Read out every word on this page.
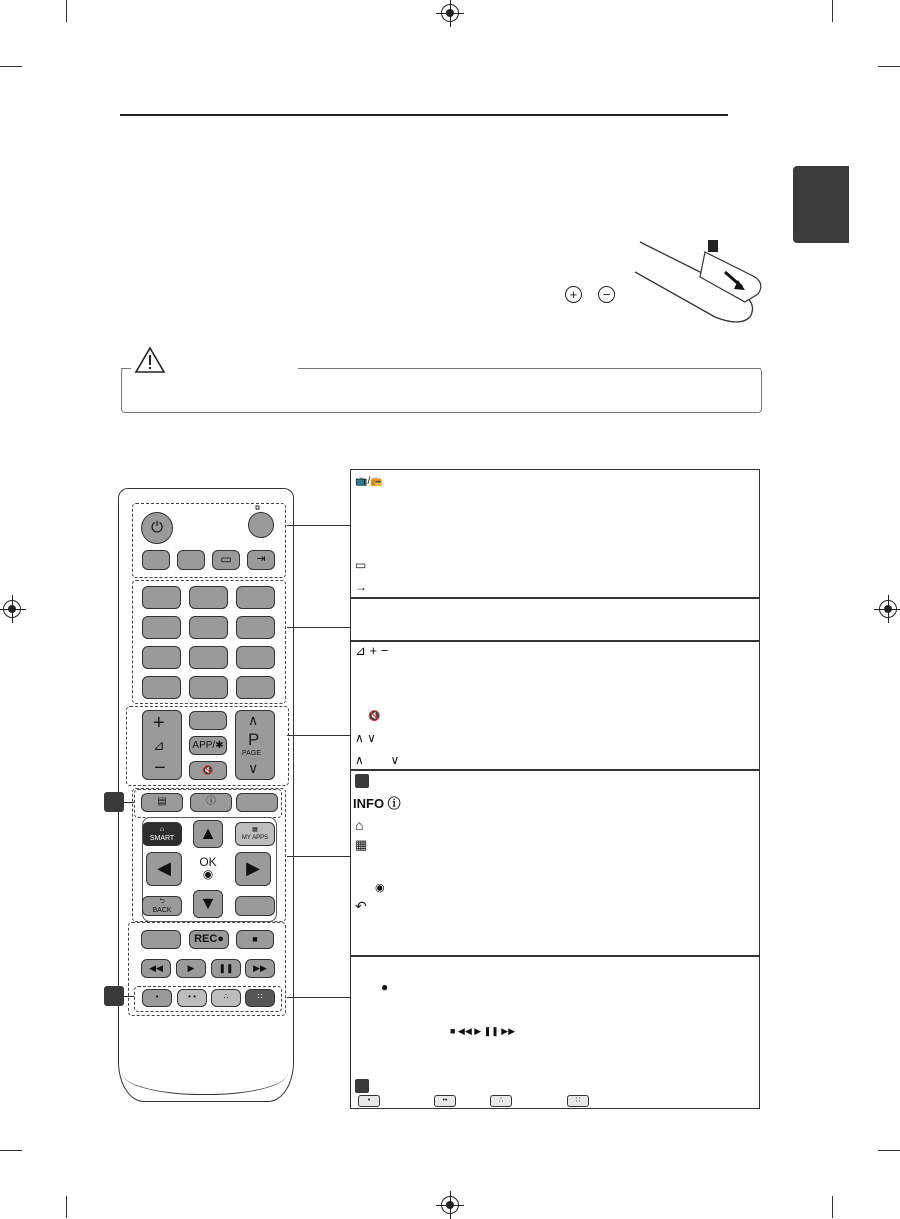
+	−
⏻
⧉
▭	⇥
+
⊿
−
APP/✱
🔇
∧
P
PAGE
∨
▤	ⓘ
⌂
SMART
▦
MY APPS
▲
◀	▶
OK
◉
▼
⮌
BACK
REC●	■
◀◀	▶	❚❚	▶▶
•	• •	∴	∷
📺/📻
▭
→
⊿ + −
🔇
∧ ∨
∧        ∨
INFO ⓘ
⌂
▦
◉
↶
●
■ ◀◀ ▶ ❚❚ ▶▶
•	••	∴	∷
